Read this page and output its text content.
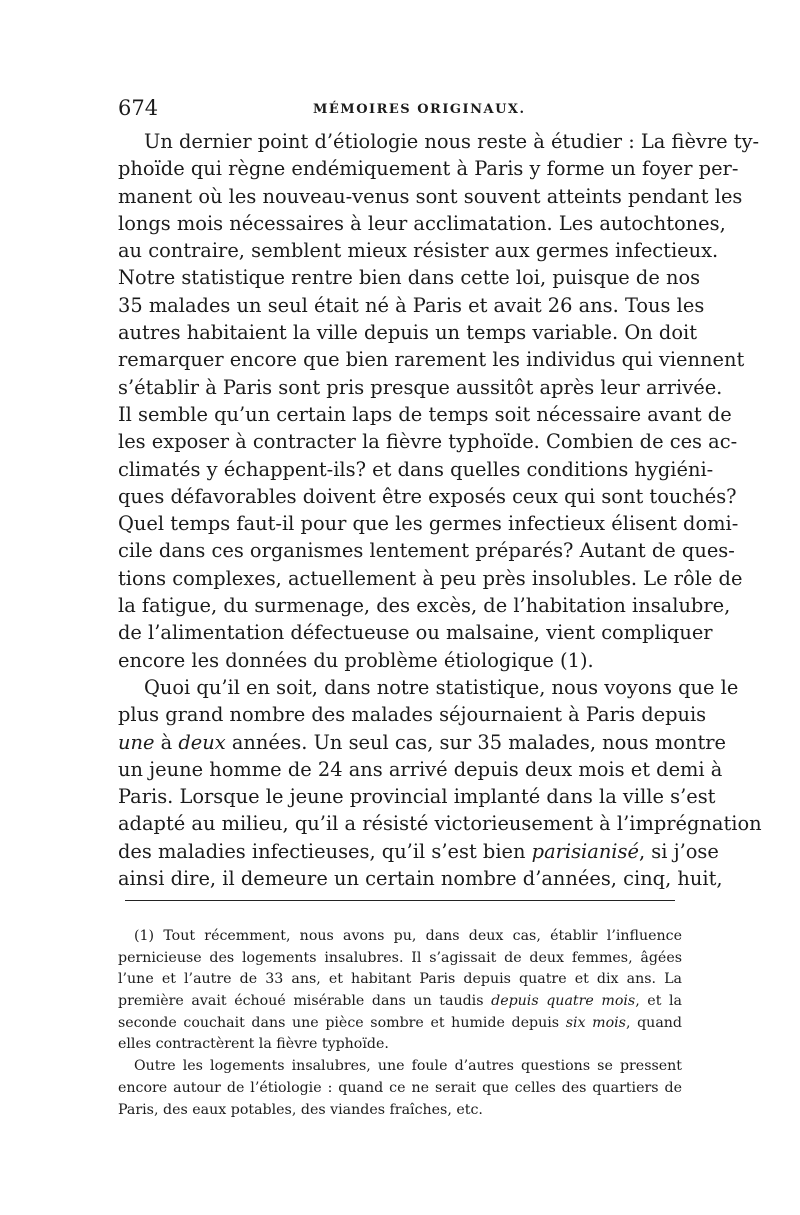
674	MÉMOIRES ORIGINAUX.
Un dernier point d’étiologie nous reste à étudier : La fièvre ty-
phoïde qui règne endémiquement à Paris y forme un foyer per-
manent où les nouveau-venus sont souvent atteints pendant les
longs mois nécessaires à leur acclimatation. Les autochtones,
au contraire, semblent mieux résister aux germes infectieux.
Notre statistique rentre bien dans cette loi, puisque de nos
35 malades un seul était né à Paris et avait 26 ans. Tous les
autres habitaient la ville depuis un temps variable. On doit
remarquer encore que bien rarement les individus qui viennent
s’établir à Paris sont pris presque aussitôt après leur arrivée.
Il semble qu’un certain laps de temps soit nécessaire avant de
les exposer à contracter la fièvre typhoïde. Combien de ces ac-
climatés y échappent-ils? et dans quelles conditions hygiéni-
ques défavorables doivent être exposés ceux qui sont touchés?
Quel temps faut-il pour que les germes infectieux élisent domi-
cile dans ces organismes lentement préparés? Autant de ques-
tions complexes, actuellement à peu près insolubles. Le rôle de
la fatigue, du surmenage, des excès, de l’habitation insalubre,
de l’alimentation défectueuse ou malsaine, vient compliquer
encore les données du problème étiologique (1).
Quoi qu’il en soit, dans notre statistique, nous voyons que le
plus grand nombre des malades séjournaient à Paris depuis
une à deux années. Un seul cas, sur 35 malades, nous montre
un jeune homme de 24 ans arrivé depuis deux mois et demi à
Paris. Lorsque le jeune provincial implanté dans la ville s’est
adapté au milieu, qu’il a résisté victorieusement à l’imprégnation
des maladies infectieuses, qu’il s’est bien parisianisé, si j’ose
ainsi dire, il demeure un certain nombre d’années, cinq, huit,
(1) Tout récemment, nous avons pu, dans deux cas, établir l’influence
pernicieuse des logements insalubres. Il s’agissait de deux femmes, âgées
l’une et l’autre de 33 ans, et habitant Paris depuis quatre et dix ans. La
première avait échoué misérable dans un taudis depuis quatre mois, et la
seconde couchait dans une pièce sombre et humide depuis six mois, quand
elles contractèrent la fièvre typhoïde.
Outre les logements insalubres, une foule d’autres questions se pressent
encore autour de l’étiologie : quand ce ne serait que celles des quartiers de
Paris, des eaux potables, des viandes fraîches, etc.
